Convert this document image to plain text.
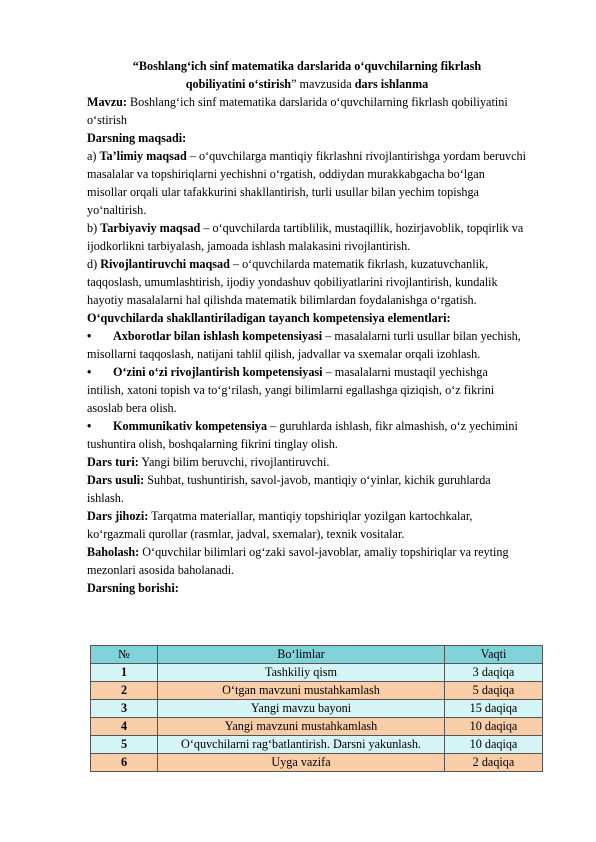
“Boshlang‘ich sinf matematika darslarida o‘quvchilarning fikrlash
qobiliyatini o‘stirish” mavzusida dars ishlanma

Mavzu: Boshlang‘ich sinf matematika darslarida o‘quvchilarning fikrlash qobiliyatini o‘stirish

Darsning maqsadi:

a) Ta’limiy maqsad – o‘quvchilarga mantiqiy fikrlashni rivojlantirishga yordam beruvchi masalalar va topshiriqlarni yechishni o‘rgatish, oddiydan murakkabgacha bo‘lgan misollar orqali ular tafakkurini shakllantirish, turli usullar bilan yechim topishga yo‘naltirish.

b) Tarbiyaviy maqsad – o‘quvchilarda tartiblilik, mustaqillik, hozirjavoblik, topqirlik va ijodkorlikni tarbiyalash, jamoada ishlash malakasini rivojlantirish.

d) Rivojlantiruvchi maqsad – o‘quvchilarda matematik fikrlash, kuzatuvchanlik, taqqoslash, umumlashtirish, ijodiy yondashuv qobiliyatlarini rivojlantirish, kundalik hayotiy masalalarni hal qilishda matematik bilimlardan foydalanishga o‘rgatish.

O‘quvchilarda shakllantiriladigan tayanch kompetensiya elementlari:

• Axborotlar bilan ishlash kompetensiyasi – masalalarni turli usullar bilan yechish, misollarni taqqoslash, natijani tahlil qilish, jadvallar va sxemalar orqali izohlash.

• O‘zini o‘zi rivojlantirish kompetensiyasi – masalalarni mustaqil yechishga intilish, xatoni topish va to‘g‘rilash, yangi bilimlarni egallashga qiziqish, o‘z fikrini asoslab bera olish.

• Kommunikativ kompetensiya – guruhlarda ishlash, fikr almashish, o‘z yechimini tushuntira olish, boshqalarning fikrini tinglay olish.

Dars turi: Yangi bilim beruvchi, rivojlantiruvchi.

Dars usuli: Suhbat, tushuntirish, savol-javob, mantiqiy o‘yinlar, kichik guruhlarda ishlash.

Dars jihozi: Tarqatma materiallar, mantiqiy topshiriqlar yozilgan kartochkalar, ko‘rgazmali qurollar (rasmlar, jadval, sxemalar), texnik vositalar.

Baholash: O‘quvchilar bilimlari og‘zaki savol-javoblar, amaliy topshiriqlar va reyting mezonlari asosida baholanadi.

Darsning borishi:

№	Bo‘limlar	Vaqti
1	Tashkiliy qism	3 daqiqa
2	O‘tgan mavzuni mustahkamlash	5 daqiqa
3	Yangi mavzu bayoni	15 daqiqa
4	Yangi mavzuni mustahkamlash	10 daqiqa
5	O‘quvchilarni rag‘batlantirish. Darsni yakunlash.	10 daqiqa
6	Uyga vazifa	2 daqiqa
